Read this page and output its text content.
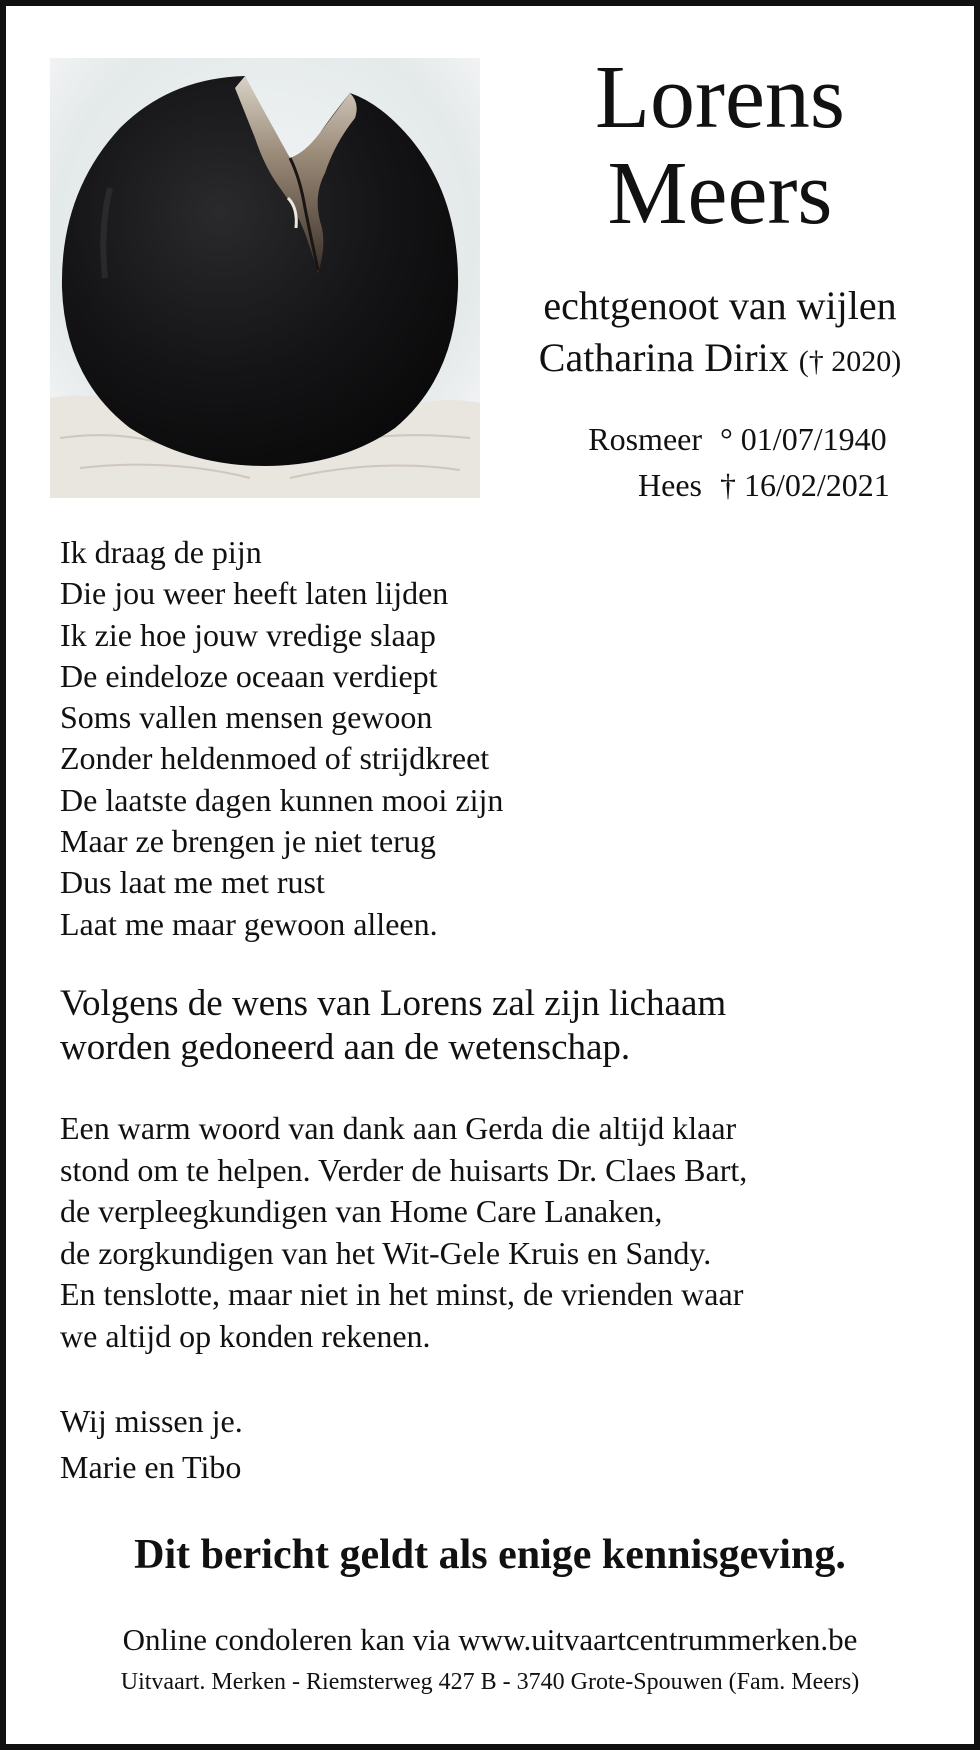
Lorens
Meers
echtgenoot van wijlen
Catharina Dirix († 2020)
Rosmeer ° 01/07/1940
Hees † 16/02/2021
Ik draag de pijn
Die jou weer heeft laten lijden
Ik zie hoe jouw vredige slaap
De eindeloze oceaan verdiept
Soms vallen mensen gewoon
Zonder heldenmoed of strijdkreet
De laatste dagen kunnen mooi zijn
Maar ze brengen je niet terug
Dus laat me met rust
Laat me maar gewoon alleen.
Volgens de wens van Lorens zal zijn lichaam
worden gedoneerd aan de wetenschap.
Een warm woord van dank aan Gerda die altijd klaar
stond om te helpen. Verder de huisarts Dr. Claes Bart,
de verpleegkundigen van Home Care Lanaken,
de zorgkundigen van het Wit-Gele Kruis en Sandy.
En tenslotte, maar niet in het minst, de vrienden waar
we altijd op konden rekenen.
Wij missen je.
Marie en Tibo
Dit bericht geldt als enige kennisgeving.
Online condoleren kan via www.uitvaartcentrummerken.be
Uitvaart. Merken - Riemsterweg 427 B - 3740 Grote-Spouwen (Fam. Meers)
